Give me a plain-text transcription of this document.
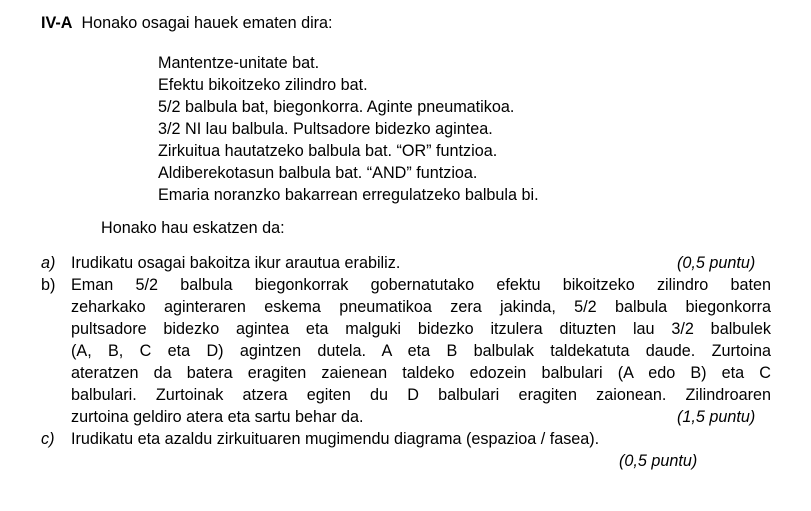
IV-A Honako osagai hauek ematen dira:
Mantentze-unitate bat.
Efektu bikoitzeko zilindro bat.
5/2 balbula bat, biegonkorra. Aginte pneumatikoa.
3/2 NI lau balbula. Pultsadore bidezko agintea.
Zirkuitua hautatzeko balbula bat. “OR” funtzioa.
Aldiberekotasun balbula bat. “AND” funtzioa.
Emaria noranzko bakarrean erregulatzeko balbula bi.
Honako hau eskatzen da:
a) Irudikatu osagai bakoitza ikur arautua erabiliz.	(0,5 puntu)
b) Eman 5/2 balbula biegonkorrak gobernatutako efektu bikoitzeko zilindro baten
zeharkako aginteraren eskema pneumatikoa zera jakinda, 5/2 balbula biegonkorra
pultsadore bidezko agintea eta malguki bidezko itzulera dituzten lau 3/2 balbulek
(A, B, C eta D) agintzen dutela. A eta B balbulak taldekatuta daude. Zurtoina
ateratzen da batera eragiten zaienean taldeko edozein balbulari (A edo B) eta C
balbulari. Zurtoinak atzera egiten du D balbulari eragiten zaionean. Zilindroaren
zurtoina geldiro atera eta sartu behar da.	(1,5 puntu)
c)	Irudikatu eta azaldu zirkuituaren mugimendu diagrama (espazioa / fasea).
(0,5 puntu)
